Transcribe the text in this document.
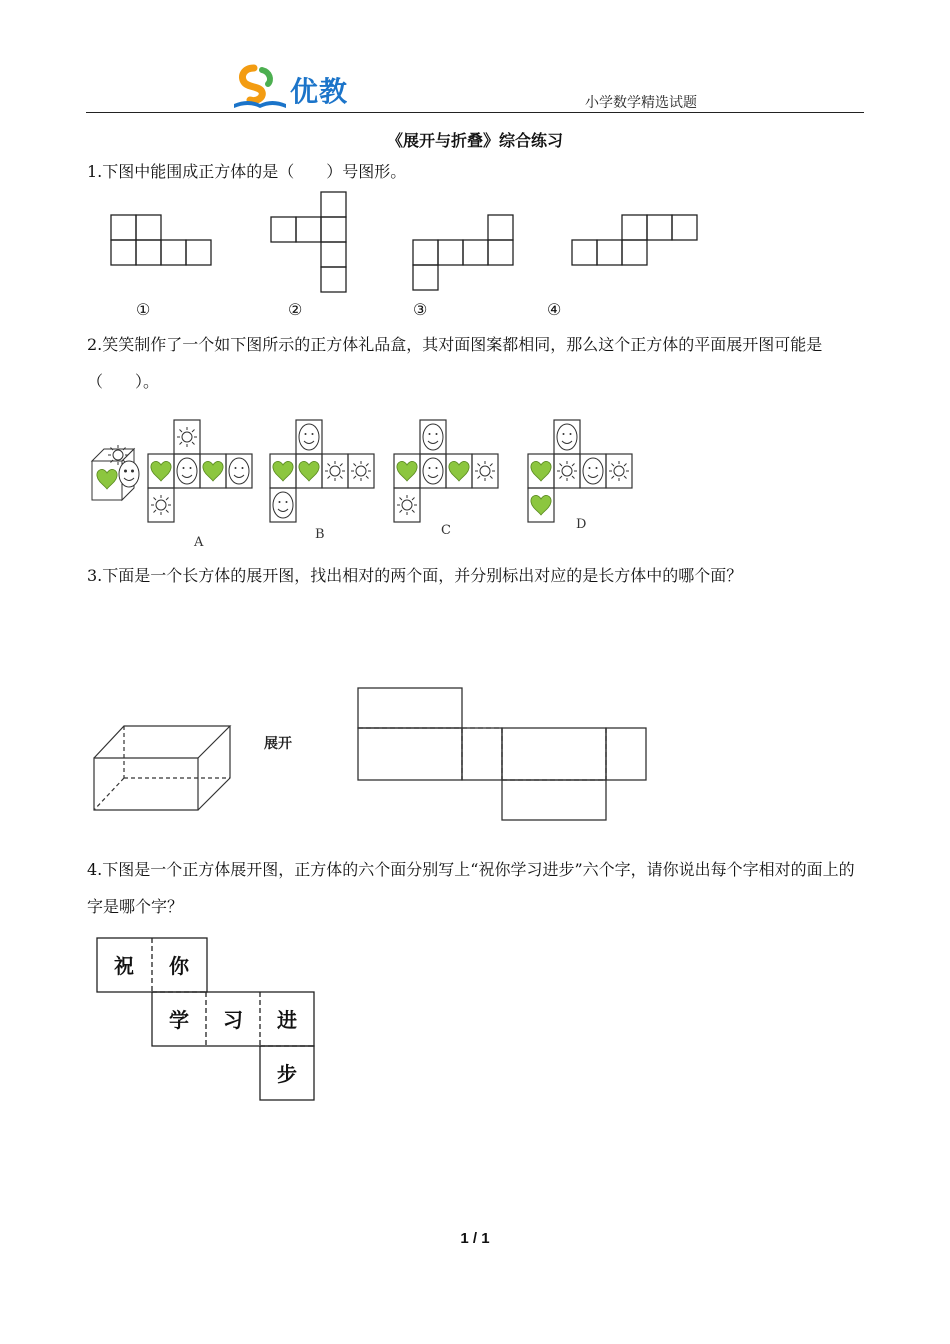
优教	小学数学精选试题
《展开与折叠》综合练习
1.下图中能围成正方体的是（　　）号图形。
①	②	③	④
2.笑笑制作了一个如下图所示的正方体礼品盒，其对面图案都相同，那么这个正方体的平面展开图可能是（　　）。
A
B	C	D
3.下面是一个长方体的展开图，找出相对的两个面，并分别标出对应的是长方体中的哪个面？
展开
4.下图是一个正方体展开图，正方体的六个面分别写上“祝你学习进步”六个字，请你说出每个字相对的面上的字是哪个字？
祝 你
学 习 进
步
1 / 1
